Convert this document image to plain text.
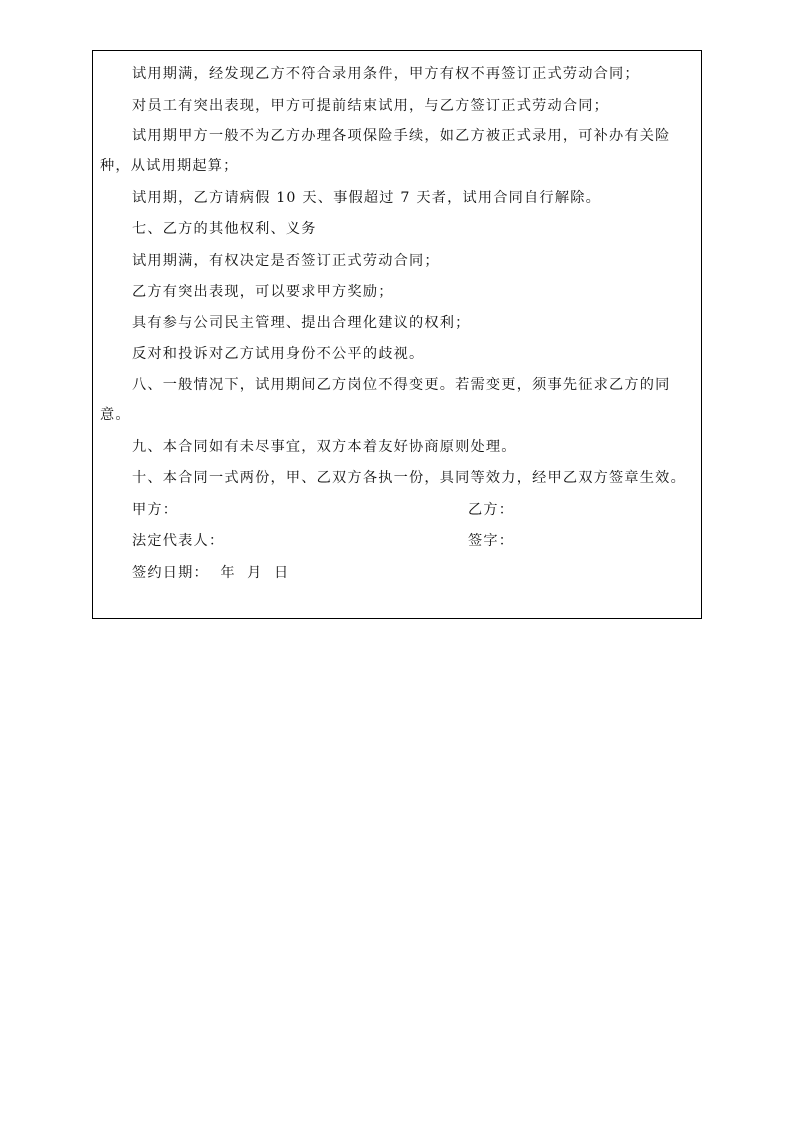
试用期满，经发现乙方不符合录用条件，甲方有权不再签订正式劳动合同；
对员工有突出表现，甲方可提前结束试用，与乙方签订正式劳动合同；
试用期甲方一般不为乙方办理各项保险手续，如乙方被正式录用，可补办有关险
种，从试用期起算；
试用期，乙方请病假 10 天、事假超过 7 天者，试用合同自行解除。
七、乙方的其他权利、义务
试用期满，有权决定是否签订正式劳动合同；
乙方有突出表现，可以要求甲方奖励；
具有参与公司民主管理、提出合理化建议的权利；
反对和投诉对乙方试用身份不公平的歧视。
八、一般情况下，试用期间乙方岗位不得变更。若需变更，须事先征求乙方的同
意。
九、本合同如有未尽事宜，双方本着友好协商原则处理。
十、本合同一式两份，甲、乙双方各执一份，具同等效力，经甲乙双方签章生效。
甲方：	乙方：
法定代表人：	签字：
签约日期：  年  月  日
